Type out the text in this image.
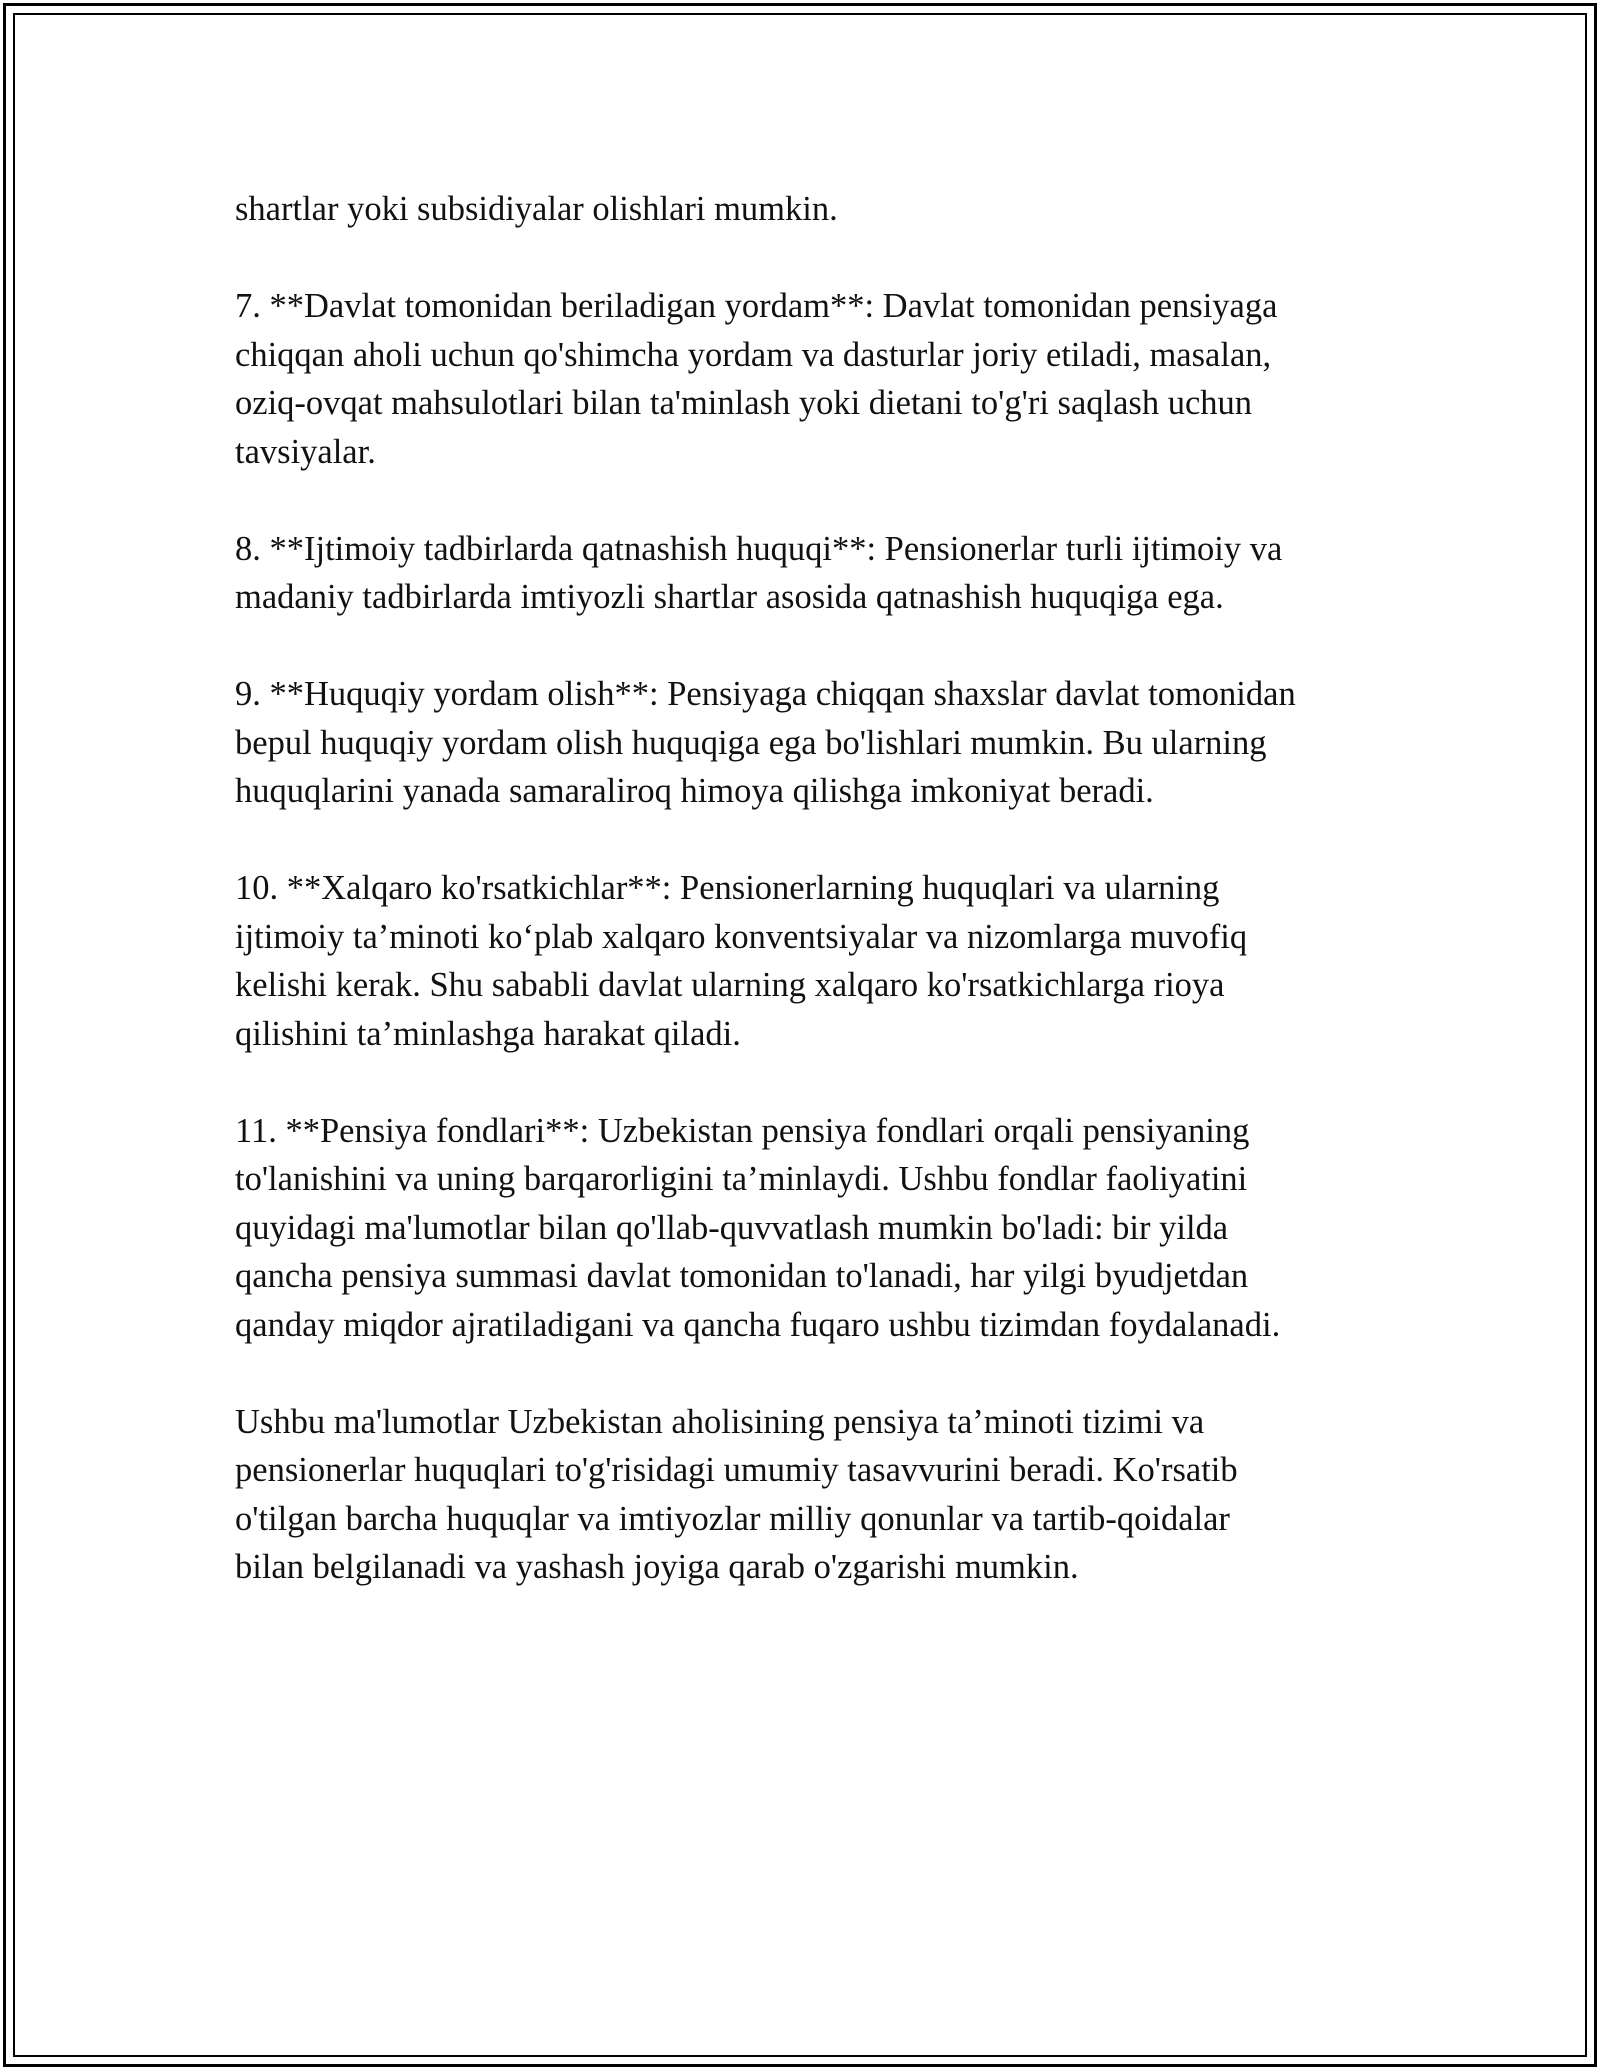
shartlar yoki subsidiyalar olishlari mumkin.

7. **Davlat tomonidan beriladigan yordam**: Davlat tomonidan pensiyaga
chiqqan aholi uchun qo'shimcha yordam va dasturlar joriy etiladi, masalan,
oziq-ovqat mahsulotlari bilan ta'minlash yoki dietani to'g'ri saqlash uchun
tavsiyalar.

8. **Ijtimoiy tadbirlarda qatnashish huquqi**: Pensionerlar turli ijtimoiy va
madaniy tadbirlarda imtiyozli shartlar asosida qatnashish huquqiga ega.

9. **Huquqiy yordam olish**: Pensiyaga chiqqan shaxslar davlat tomonidan
bepul huquqiy yordam olish huquqiga ega bo'lishlari mumkin. Bu ularning
huquqlarini yanada samaraliroq himoya qilishga imkoniyat beradi.

10. **Xalqaro ko'rsatkichlar**: Pensionerlarning huquqlari va ularning
ijtimoiy ta’minoti ko‘plab xalqaro konventsiyalar va nizomlarga muvofiq
kelishi kerak. Shu sababli davlat ularning xalqaro ko'rsatkichlarga rioya
qilishini ta’minlashga harakat qiladi.

11. **Pensiya fondlari**: Uzbekistan pensiya fondlari orqali pensiyaning
to'lanishini va uning barqarorligini ta’minlaydi. Ushbu fondlar faoliyatini
quyidagi ma'lumotlar bilan qo'llab-quvvatlash mumkin bo'ladi: bir yilda
qancha pensiya summasi davlat tomonidan to'lanadi, har yilgi byudjetdan
qanday miqdor ajratiladigani va qancha fuqaro ushbu tizimdan foydalanadi.

Ushbu ma'lumotlar Uzbekistan aholisining pensiya ta’minoti tizimi va
pensionerlar huquqlari to'g'risidagi umumiy tasavvurini beradi. Ko'rsatib
o'tilgan barcha huquqlar va imtiyozlar milliy qonunlar va tartib-qoidalar
bilan belgilanadi va yashash joyiga qarab o'zgarishi mumkin.
